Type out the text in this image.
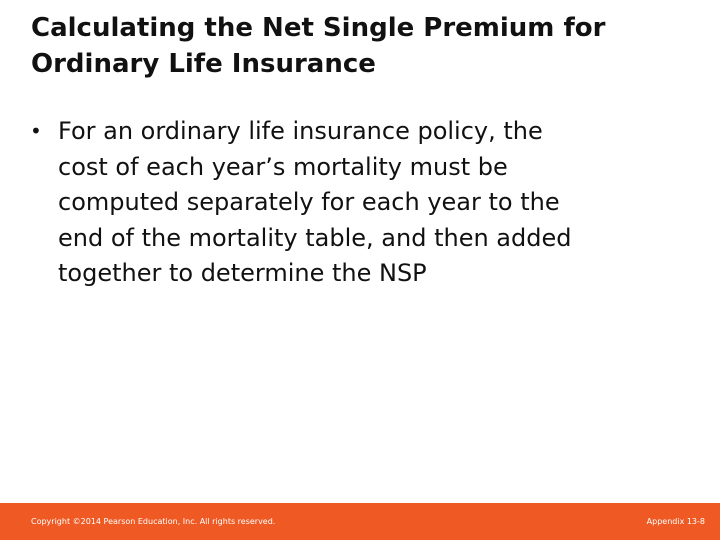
Calculating the Net Single Premium for
Ordinary Life Insurance
• For an ordinary life insurance policy, the
cost of each year’s mortality must be
computed separately for each year to the
end of the mortality table, and then added
together to determine the NSP
Copyright ©2014 Pearson Education, Inc. All rights reserved.	Appendix 13-8
